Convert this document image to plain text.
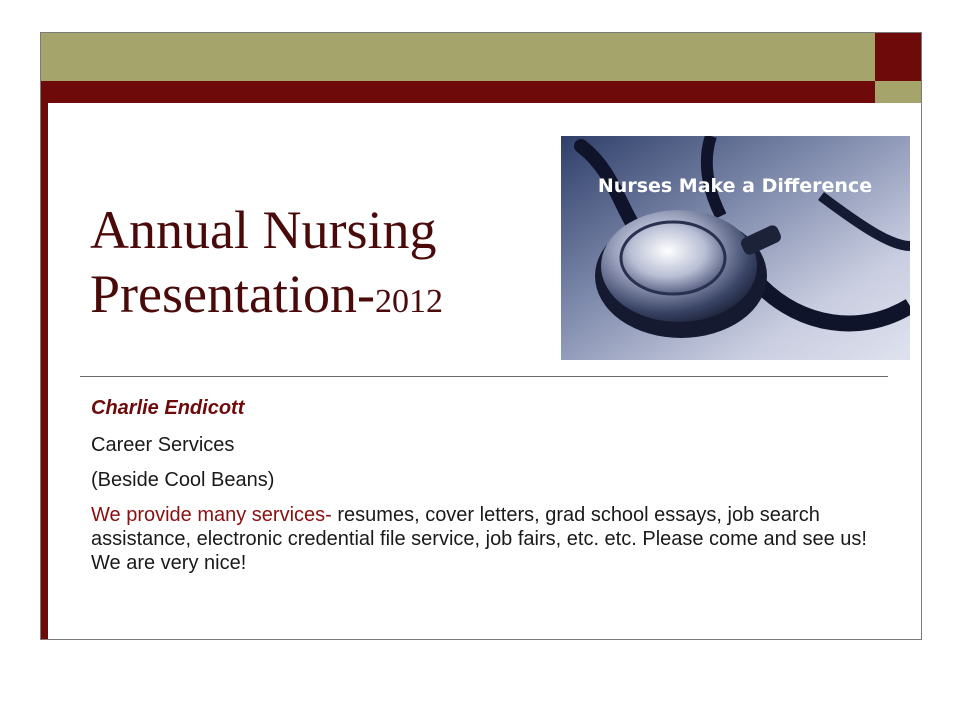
Annual Nursing
Presentation-2012
Nurses Make a Difference

Charlie Endicott

Career Services

(Beside Cool Beans)

We provide many services- resumes, cover letters, grad school essays, job search assistance, electronic credential file service, job fairs, etc. etc. Please come and see us! We are very nice!
